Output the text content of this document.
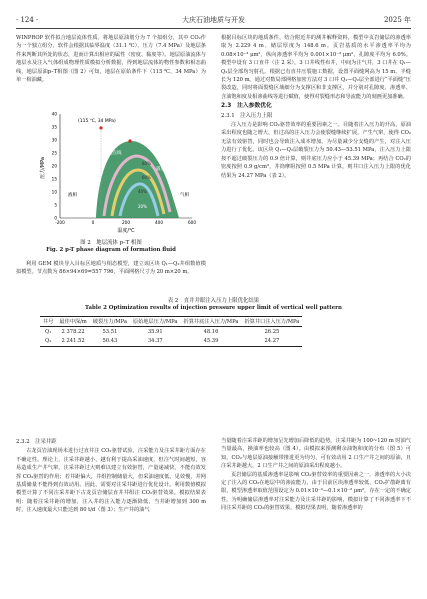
· 124 ·	大庆石油地质与开发	2025 年

WINPROP 软件拟合地层流体性质。将地层原油划分为 7 个拟组分，其中 CO₂作为一个独立组分，软件会根据其临界温度（31.1 ℃）、压力（7.4 MPa）及地层条件来判断其所处的状态，进而计算出相应的属性（密度、黏度等）。地层原油流体与地层水及注入气体组成物理性质模拟分析数据，得到地层流体的物性参数和相态曲线，地层原油p–T相图（图 2）可知，地层在原始条件下（115 ℃，34 MPa）为单一相油藏。

0
5
10
15
20
25
30
35
40
-200	0	200	400	600
压力/MPa
温度/℃
临界点
(115 ℃, 34 MPa)
泡点线
露点线
液相	气相
80%
60%
40%
20%
图 2　地层流体 p–T 相图
Fig. 2 p-T phase diagram of formation fluid

利用 GEM 模块导入目标区地质与相态模型，建立该区块 Q₁—Q₂井组数值模拟模型。节点数为 86×94×69=557 796，平面网格尺寸为 20 m×20 m。

根据目标区块的地质条件，结合附近井的测井解释资料，模型中页岩储层的渗透率取为 2.229 4 m、储层厚度为 148.6 m。页岩基质的水平渗透率平均为 0.08×10⁻³ μm²，纵向渗透率平均为 0.001×10⁻³ μm²，孔隙度平均为 6.0%。模型中设有 3 口直井（注 2 采），3 口井线性布井，中间为注气井，3 口井在 Q₁—Q₂层全部均匀射孔。根据已有直井压裂施工数据，设置平面缝网高为 15 m、半缝长为 120 m。通过对数局部网格加密方法对 3 口井 Q₁—Q₂层全部进行“平面缝”压裂改造，同时将面裂缝区域细分为支撑区和非支撑区，并分别对孔隙度、渗透率、含油饱和度及相渗曲线等进行赋值，使得对裂缝形态和导流能力的刻画更加准确。

2.3　注入参数优化
2.3.1　注入压力上限

注入压力是影响 CO₂驱替效率的重要因素之一。目随着注入压力的升高，原油采出程度也随之增大，但过高的注入压力会使裂缝继续扩展，产生气窜，使得 CO₂无法有效驱替，同时也会导致注入成本增加。为尽量减少分支缝的产生，对注入压力进行了优化。该区块 Q₁—Q₂层破裂压力为 50.43—53.51 MPa，注入压力上限按不超过破裂压力的 0.9 倍计算，则井底压力应小于 45.39 MPa；再结合 CO₂的密度按照 0.9 g/cm³，井筒摩阻按照 0.5 MPa 计算，则井口注入压力上限的优化结果为 24.27 MPa（表 2）。

表 2　直井井眼注入压力上限优化结果
Table 2 Optimization results of injection pressure upper limit of vertical well pattern
井号	最佳中深/m	破裂压力/MPa	原始地层压力/MPa	折算井底注入压力/MPa	折算井口注入压力/MPa
Q₁	2 378.22	53.51	35.91	48.16	26.25
Q₂	2 241.52	50.43	34.37	45.39	24.27
2.3.2　注采井距

古龙页岩油现场未进行过直井注 CO₂驱替试验，注采能力及注采井距方面存在不确定性。理论上，注采井距越小，越有利于提高采油速度，但注气时间越短，容易造成生产井气窜，注采井距过大则难以建立有效驱替，产量递减快，不能有效发挥 CO₂驱替的作用；若井距偏大，井组控制储量大，但采油速度低、见效慢，并网基质储量不能得到有效动用。因此，需要对注采井距进行优化设计。利用数值模拟模型计算了不同注采井距下古龙页岩储层直井井组注 CO₂驱替效果。模拟结果表明：随着注采井距的增加，注入井的注入能力逐渐降低，当井距增加到 300 m 时，注入速度最大只能达到 80 t/d（图 3）；生产井的油气

当量随着注采井距的增加呈先增加后降低的趋势，注采井距为 100~120 m 时油气当量最高，换油率也较高（图 4）。由模拟来预测剩余油饱和度的分布（图 5）可知，CO₂与地层原油接触带推进更为均匀，可有效动用 2 口生产井之间的原油，且注采井距越大，2 口生产井之间的原油采出程度越小。

页岩储层的基质渗透率是影响 CO₂驱替效率的重要因素之一，渗透率的大小决定了注入的 CO₂在地层中的渗流能力，由于目前区块渗透率较低，CO₂扩散距离有限，模型渗透率取值范围设定为 0.01×10⁻³—0.1×10⁻³ μm²，存在一定的不确定性。为明确储层渗透率对注采能力及注采井距的影响，模拟计算了不同渗透率下不同注采井距的 CO₂的驱替效果。模拟结果表明，随着渗透率的
